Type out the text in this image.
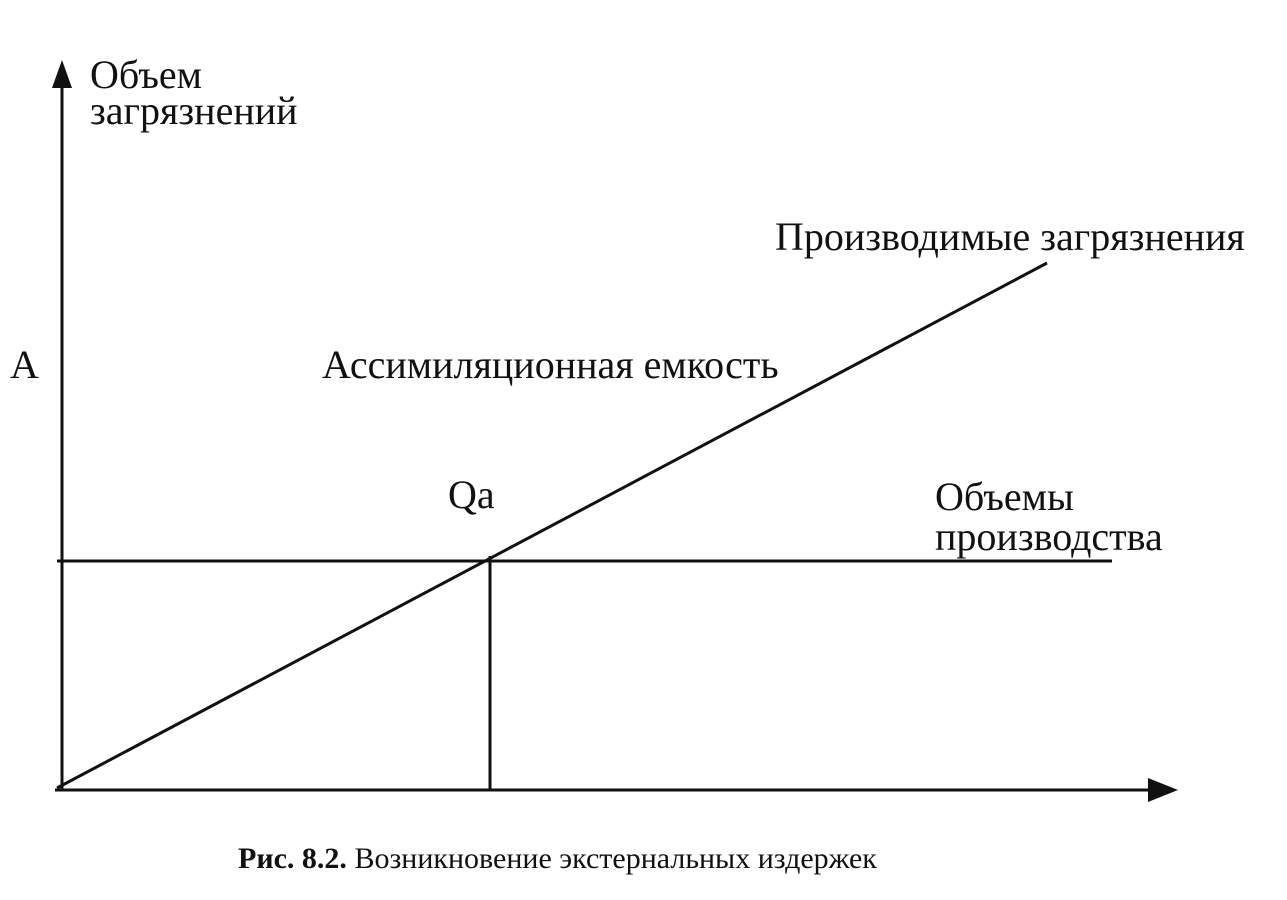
Объем
загрязнений
A
Производимые загрязнения
Ассимиляционная емкость
Qa	Объемы
производства
Рис. 8.2. Возникновение экстернальных издержек
